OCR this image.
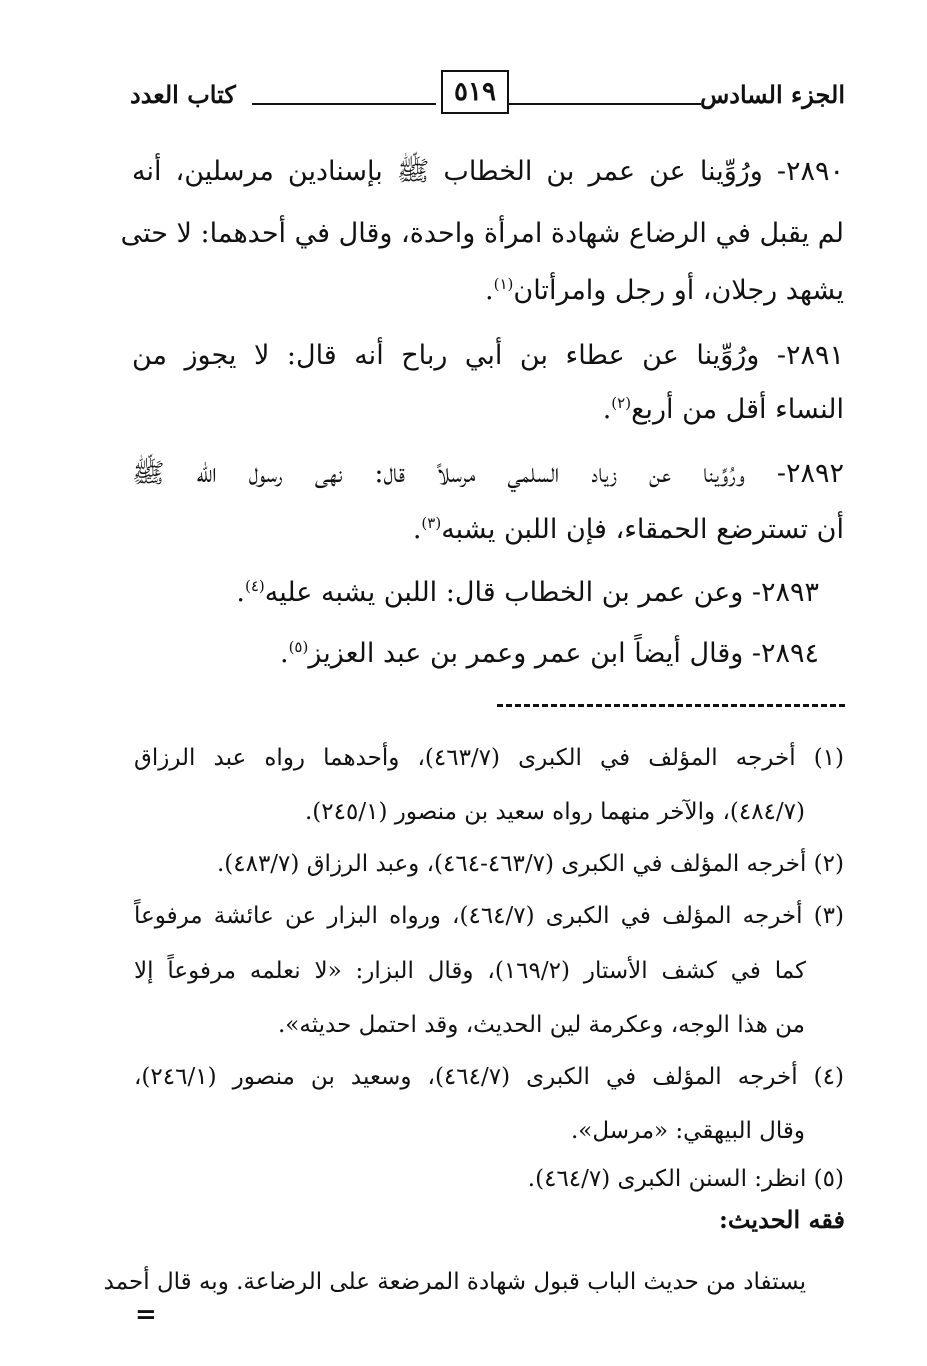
كتاب العدد	٥١٩	الجزء السادس
٢٨٩٠- ورُوِّينا عن عمر بن الخطاب ﷺ بإسنادين مرسلين، أنه
لم يقبل في الرضاع شهادة امرأة واحدة، وقال في أحدهما: لا حتى
يشهد رجلان، أو رجل وامرأتان$^{(١)}$.
٢٨٩١- ورُوِّينا عن عطاء بن أبي رباح أنه قال: لا يجوز من
النساء أقل من أربع$^{(٢)}$.
٢٨٩٢- ورُوِّينا عن زياد السلمي مرسلاً قال: نهى رسول الله ﷺ
أن تسترضع الحمقاء، فإن اللبن يشبه$^{(٣)}$.
٢٨٩٣- وعن عمر بن الخطاب قال: اللبن يشبه عليه$^{(٤)}$.
٢٨٩٤- وقال أيضاً ابن عمر وعمر بن عبد العزيز$^{(٥)}$.
(١) أخرجه المؤلف في الكبرى (٤٦٣/٧)، وأحدهما رواه عبد الرزاق
(٤٨٤/٧)، والآخر منهما رواه سعيد بن منصور (٢٤٥/١).
(٢) أخرجه المؤلف في الكبرى (٤٦٣/٧-٤٦٤)، وعبد الرزاق (٤٨٣/٧).
(٣) أخرجه المؤلف في الكبرى (٤٦٤/٧)، ورواه البزار عن عائشة مرفوعاً
كما في كشف الأستار (١٦٩/٢)، وقال البزار: «لا نعلمه مرفوعاً إلا
من هذا الوجه، وعكرمة لين الحديث، وقد احتمل حديثه».
(٤) أخرجه المؤلف في الكبرى (٤٦٤/٧)، وسعيد بن منصور (٢٤٦/١)،
وقال البيهقي: «مرسل».
(٥) انظر: السنن الكبرى (٤٦٤/٧).
فقه الحديث:
يستفاد من حديث الباب قبول شهادة المرضعة على الرضاعة. وبه قال أحمد
=
